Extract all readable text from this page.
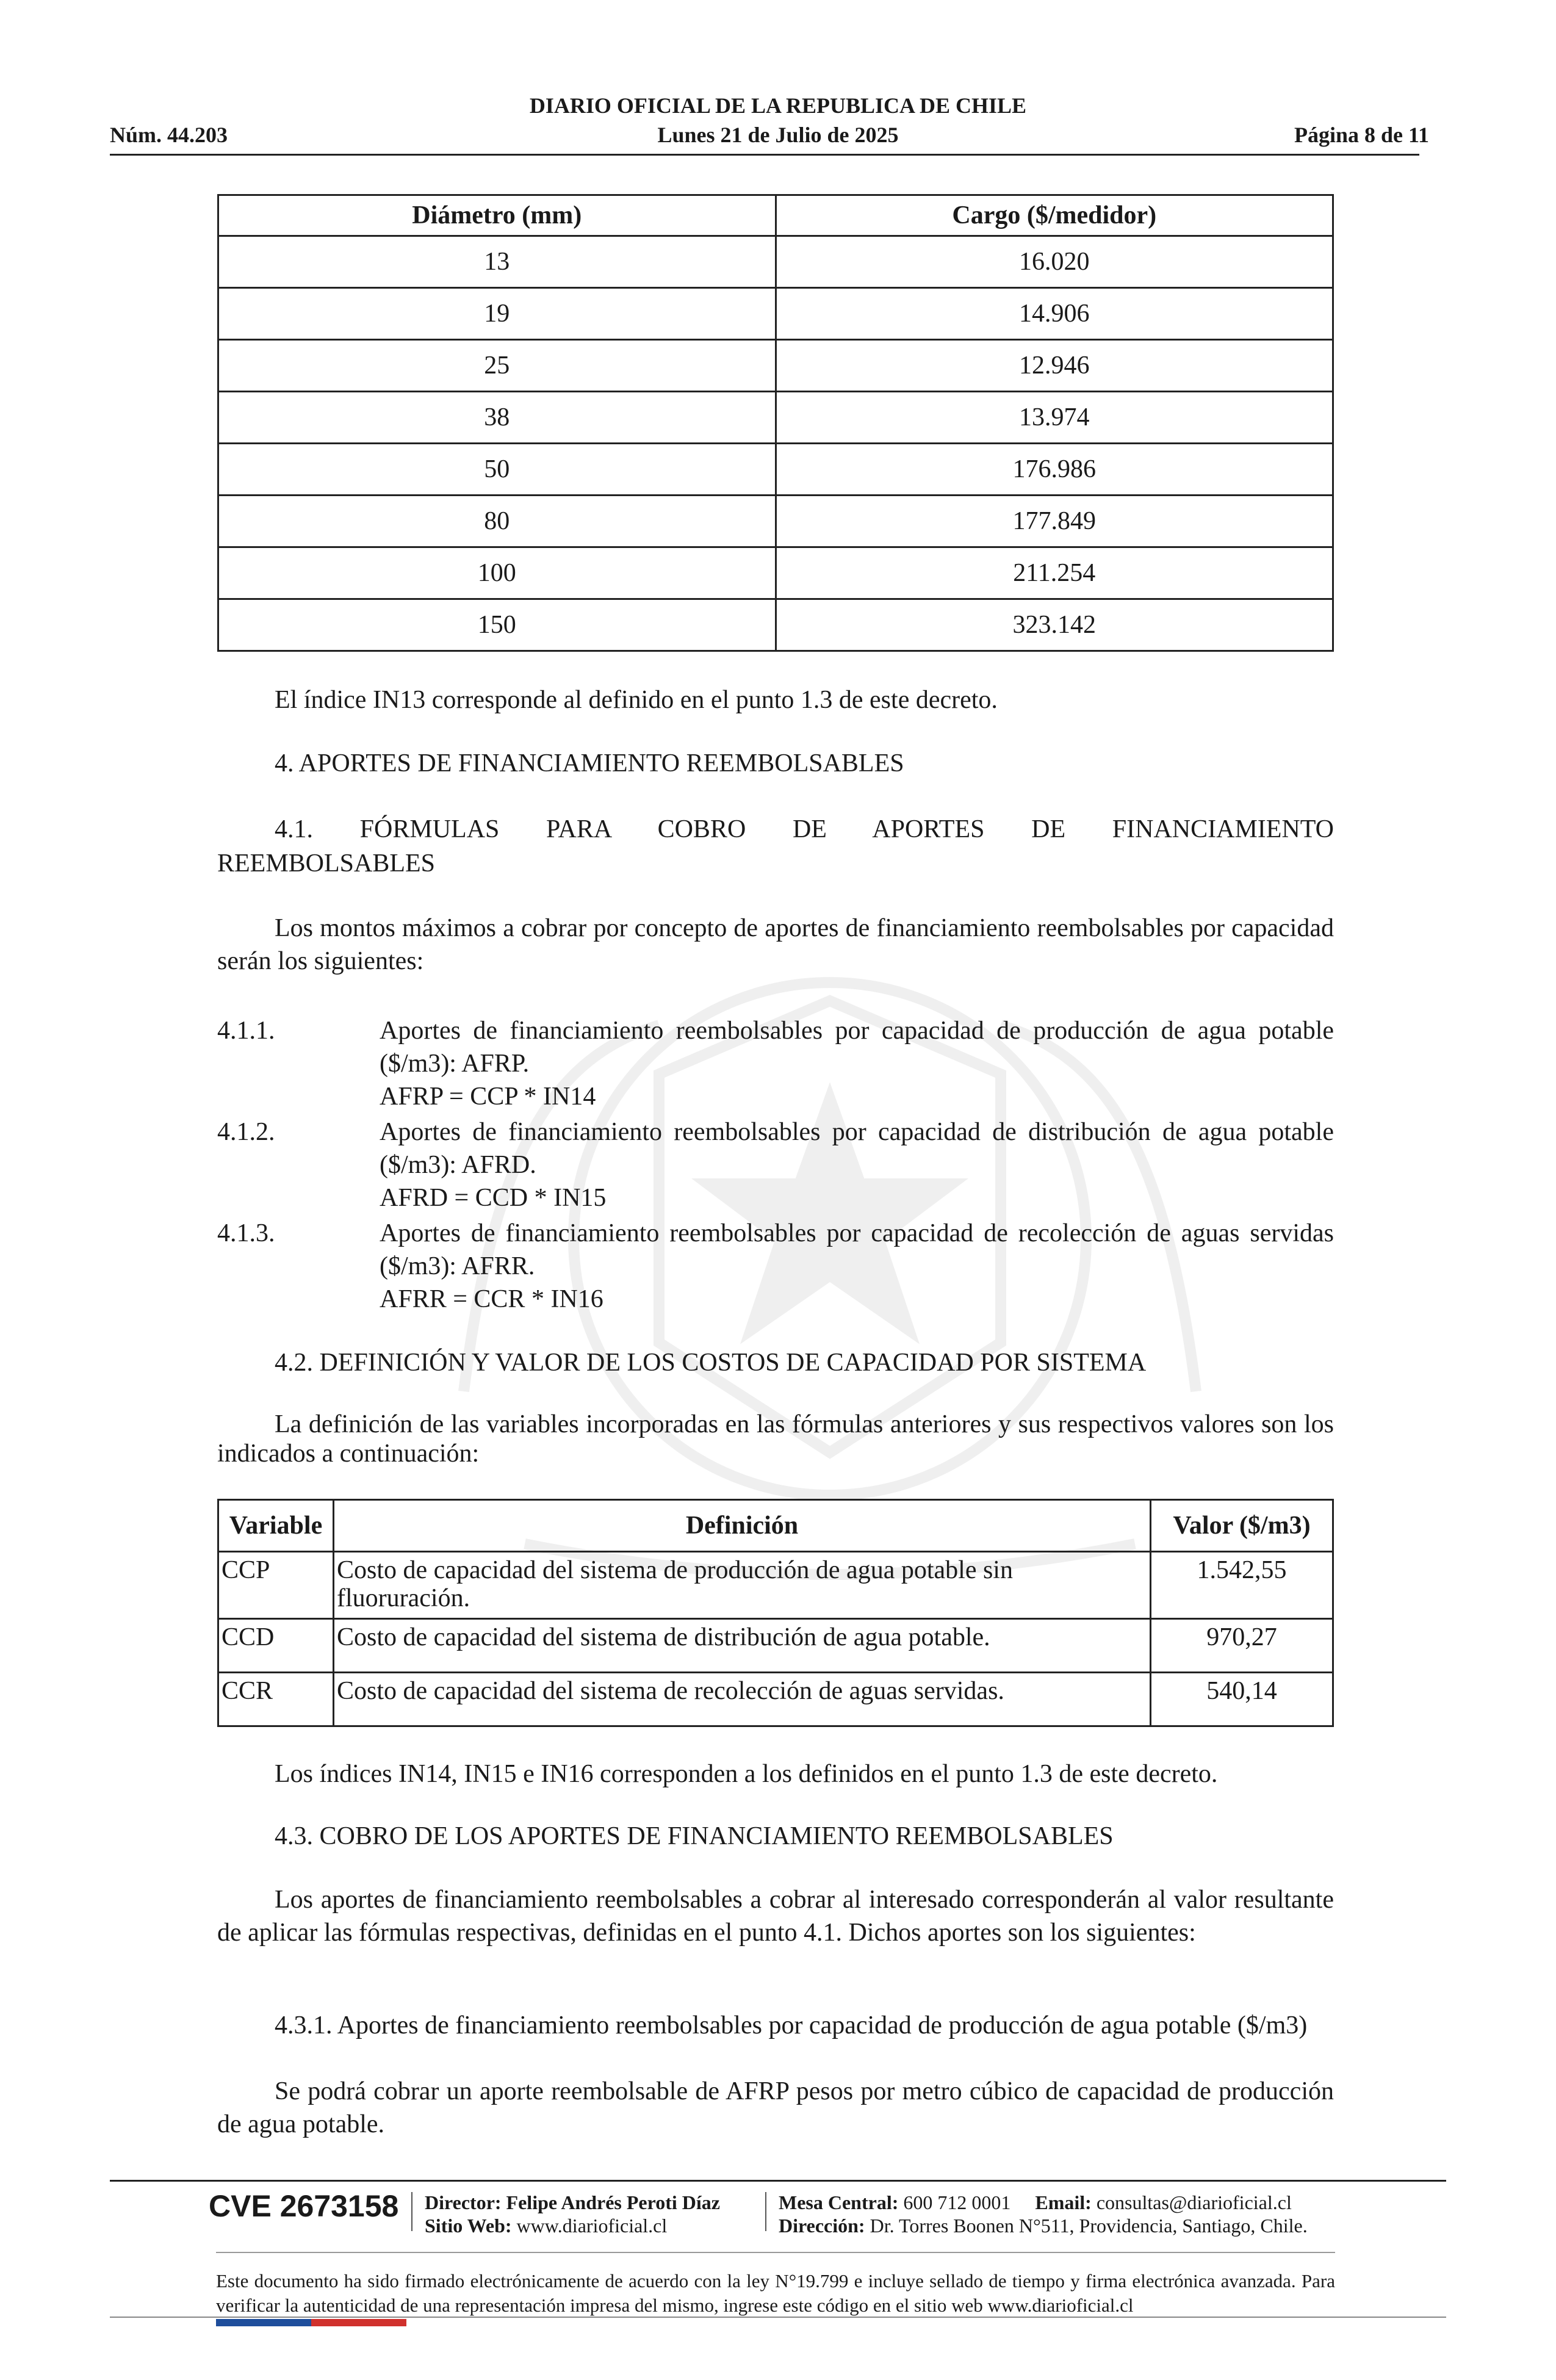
DIARIO OFICIAL DE LA REPUBLICA DE CHILE
Núm. 44.203	Lunes 21 de Julio de 2025	Página 8 de 11
Diámetro (mm)	Cargo ($/medidor)
13	16.020
19	14.906
25	12.946
38	13.974
50	176.986
80	177.849
100	211.254
150	323.142
El índice IN13 corresponde al definido en el punto 1.3 de este decreto.
4. APORTES DE FINANCIAMIENTO REEMBOLSABLES
4.1. FÓRMULAS PARA COBRO DE APORTES DE FINANCIAMIENTO
REEMBOLSABLES
Los montos máximos a cobrar por concepto de aportes de financiamiento reembolsables por capacidad serán los siguientes:
4.1.1.	Aportes de financiamiento reembolsables por capacidad de producción de agua potable ($/m3): AFRP.
AFRP = CCP * IN14
4.1.2.	Aportes de financiamiento reembolsables por capacidad de distribución de agua potable ($/m3): AFRD.
AFRD = CCD * IN15
4.1.3.	Aportes de financiamiento reembolsables por capacidad de recolección de aguas servidas ($/m3): AFRR.
AFRR = CCR * IN16
4.2. DEFINICIÓN Y VALOR DE LOS COSTOS DE CAPACIDAD POR SISTEMA
La definición de las variables incorporadas en las fórmulas anteriores y sus respectivos valores son los indicados a continuación:
Variable	Definición	Valor ($/m3)
CCP	Costo de capacidad del sistema de producción de agua potable sin fluoruración.	1.542,55
CCD	Costo de capacidad del sistema de distribución de agua potable.	970,27
CCR	Costo de capacidad del sistema de recolección de aguas servidas.	540,14
Los índices IN14, IN15 e IN16 corresponden a los definidos en el punto 1.3 de este decreto.
4.3. COBRO DE LOS APORTES DE FINANCIAMIENTO REEMBOLSABLES
Los aportes de financiamiento reembolsables a cobrar al interesado corresponderán al valor resultante de aplicar las fórmulas respectivas, definidas en el punto 4.1. Dichos aportes son los siguientes:
4.3.1. Aportes de financiamiento reembolsables por capacidad de producción de agua potable ($/m3)
Se podrá cobrar un aporte reembolsable de AFRP pesos por metro cúbico de capacidad de producción de agua potable.
CVE 2673158 Director: Felipe Andrés Peroti Díaz
Sitio Web: www.diarioficial.cl
Mesa Central: 600 712 0001 Email: consultas@diarioficial.cl
Dirección: Dr. Torres Boonen N°511, Providencia, Santiago, Chile.
Este documento ha sido firmado electrónicamente de acuerdo con la ley N°19.799 e incluye sellado de tiempo y firma electrónica avanzada. Para verificar la autenticidad de una representación impresa del mismo, ingrese este código en el sitio web www.diarioficial.cl
